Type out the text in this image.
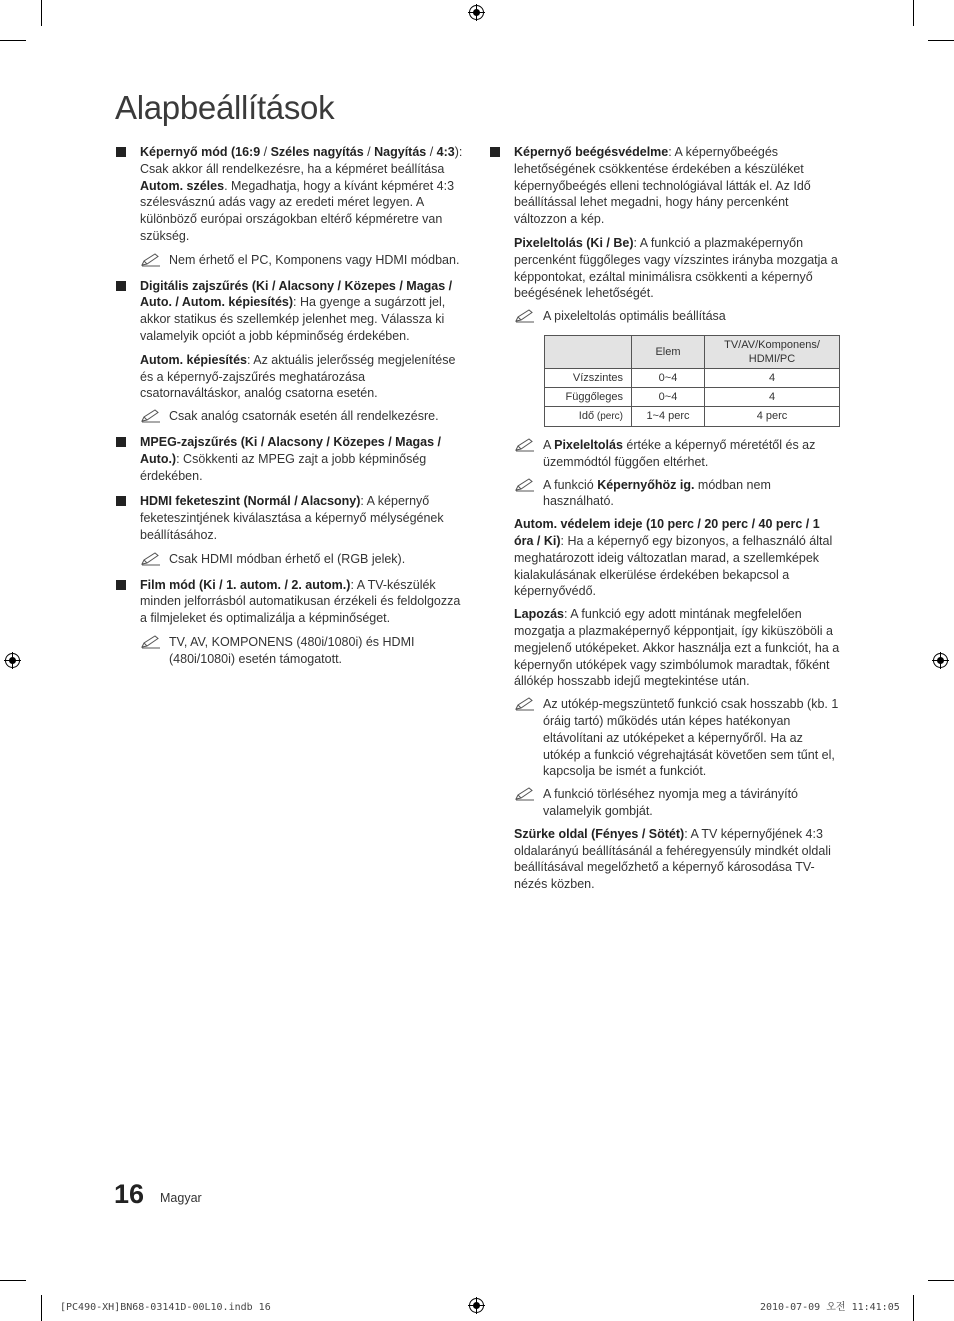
Alapbeállítások
Képernyő mód (16:9 / Széles nagyítás / Nagyítás / 4:3): Csak akkor áll rendelkezésre, ha a képméret beállítása Autom. széles. Megadhatja, hogy a kívánt képméret 4:3 szélesvásznú adás vagy az eredeti méret legyen. A különböző európai országokban eltérő képméretre van szükség.
Nem érhető el PC, Komponens vagy HDMI módban.
Digitális zajszűrés (Ki / Alacsony / Közepes / Magas / Auto. / Autom. képiesítés): Ha gyenge a sugárzott jel, akkor statikus és szellemkép jelenhet meg. Válassza ki valamelyik opciót a jobb képminőség érdekében.
Autom. képiesítés: Az aktuális jelerősség megjelenítése és a képernyő-zajszűrés meghatározása csatornaváltáskor, analóg csatorna esetén.
Csak analóg csatornák esetén áll rendelkezésre.
MPEG-zajszűrés (Ki / Alacsony / Közepes / Magas / Auto.): Csökkenti az MPEG zajt a jobb képminőség érdekében.
HDMI feketeszint (Normál / Alacsony): A képernyő feketeszintjének kiválasztása a képernyő mélységének beállításához.
Csak HDMI módban érhető el (RGB jelek).
Film mód (Ki / 1. autom. / 2. autom.): A TV-készülék minden jelforrásból automatikusan érzékeli és feldolgozza a filmjeleket és optimalizálja a képminőséget.
TV, AV, KOMPONENS (480i/1080i) és HDMI (480i/1080i) esetén támogatott.
Képernyő beégésvédelme: A képernyőbeégés lehetőségének csökkentése érdekében a készüléket képernyőbeégés elleni technológiával látták el. Az Idő beállítással lehet megadni, hogy hány percenként változzon a kép.
Pixeleltolás (Ki / Be): A funkció a plazmaképernyőn percenként függőleges vagy vízszintes irányba mozgatja a képpontokat, ezáltal minimálisra csökkenti a képernyő beégésének lehetőségét.
A pixeleltolás optimális beállítása
	Elem	TV/AV/Komponens/ HDMI/PC
Vízszintes	0~4	4
Függőleges	0~4	4
Idő (perc)	1~4 perc	4 perc
A Pixeleltolás értéke a képernyő méretétől és az üzemmódtól függően eltérhet.
A funkció Képernyőhöz ig. módban nem használható.
Autom. védelem ideje (10 perc / 20 perc / 40 perc / 1 óra / Ki): Ha a képernyő egy bizonyos, a felhasználó által meghatározott ideig változatlan marad, a szellemképek kialakulásának elkerülése érdekében bekapcsol a képernyővédő.
Lapozás: A funkció egy adott mintának megfelelően mozgatja a plazmaképernyő képpontjait, így kiküszöböli a megjelenő utóképeket. Akkor használja ezt a funkciót, ha a képernyőn utóképek vagy szimbólumok maradtak, főként állókép hosszabb idejű megtekintése után.
Az utókép-megszüntető funkció csak hosszabb (kb. 1 óráig tartó) működés után képes hatékonyan eltávolítani az utóképeket a képernyőről. Ha az utókép a funkció végrehajtását követően sem tűnt el, kapcsolja be ismét a funkciót.
A funkció törléséhez nyomja meg a távirányító valamelyik gombját.
Szürke oldal (Fényes / Sötét): A TV képernyőjének 4:3 oldalarányú beállításánál a fehéregyensúly mindkét oldali beállításával megelőzhető a képernyő károsodása TV-nézés közben.
16 Magyar
[PC490-XH]BN68-03141D-00L10.indb 16	2010-07-09 오전 11:41:05
